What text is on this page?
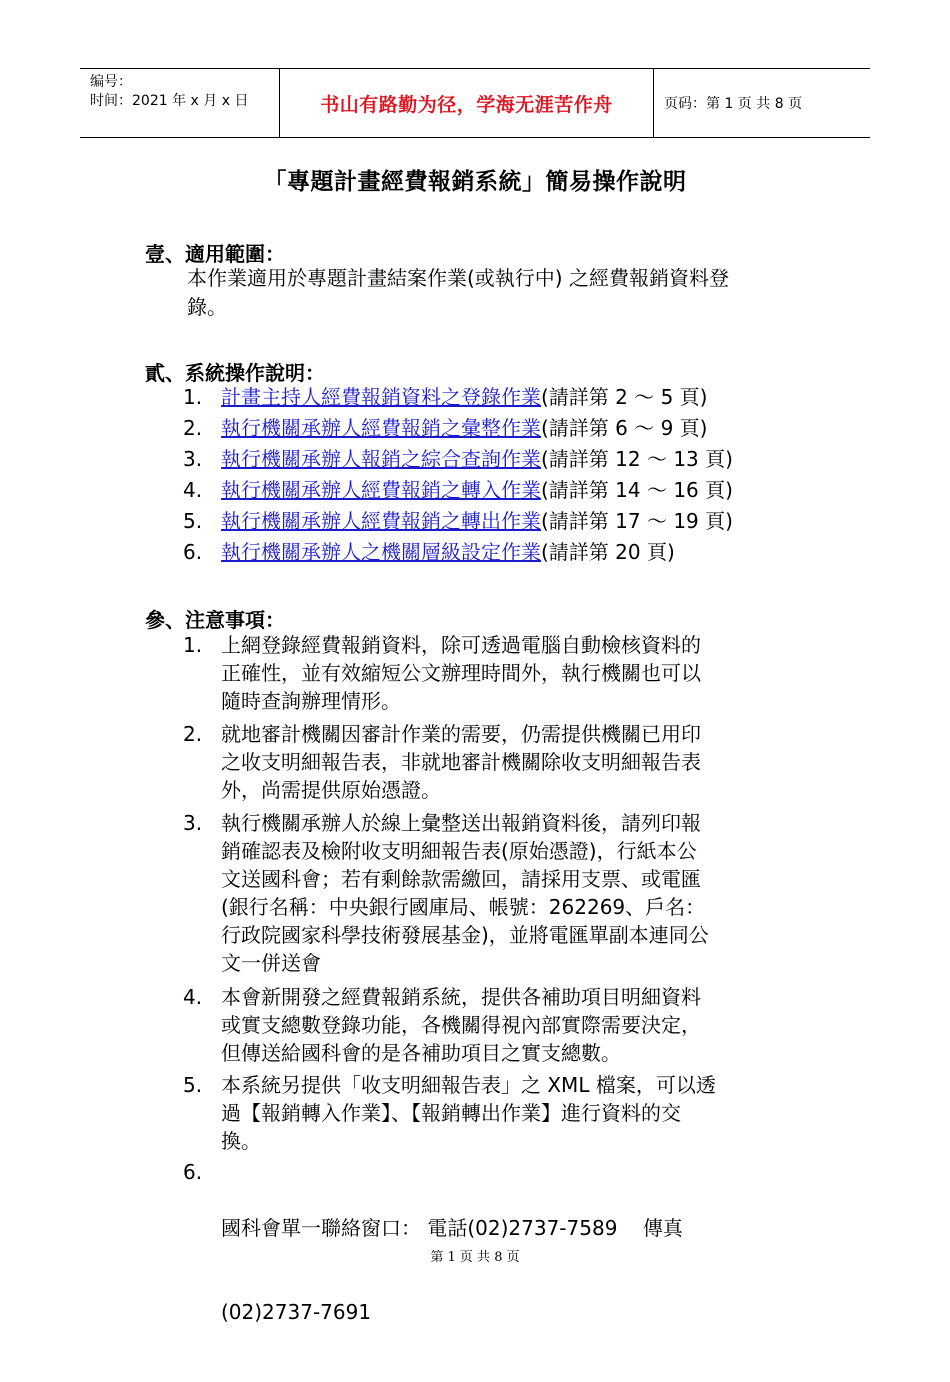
编号：
时间：2021 年 x 月 x 日	书山有路勤为径，学海无涯苦作舟	页码：第 1 页 共 8 页
「專題計畫經費報銷系統」簡易操作說明
壹、適用範圍：
本作業適用於專題計畫結案作業(或執行中) 之經費報銷資料登
錄。
貳、系統操作說明：
1. 計畫主持人經費報銷資料之登錄作業(請詳第 2 ～ 5 頁)
2. 執行機關承辦人經費報銷之彙整作業(請詳第 6 ～ 9 頁)
3. 執行機關承辦人報銷之綜合查詢作業(請詳第 12 ～ 13 頁)
4. 執行機關承辦人經費報銷之轉入作業(請詳第 14 ～ 16 頁)
5. 執行機關承辦人經費報銷之轉出作業(請詳第 17 ～ 19 頁)
6. 執行機關承辦人之機關層級設定作業(請詳第 20 頁)
參、注意事項：
1. 上網登錄經費報銷資料，除可透過電腦自動檢核資料的
正確性，並有效縮短公文辦理時間外，執行機關也可以
隨時查詢辦理情形。
2. 就地審計機關因審計作業的需要，仍需提供機關已用印
之收支明細報告表，非就地審計機關除收支明細報告表
外，尚需提供原始憑證。
3. 執行機關承辦人於線上彙整送出報銷資料後，請列印報
銷確認表及檢附收支明細報告表(原始憑證)，行紙本公
文送國科會；若有剩餘款需繳回，請採用支票、或電匯
(銀行名稱：中央銀行國庫局、帳號：262269、戶名：
行政院國家科學技術發展基金)，並將電匯單副本連同公
文一併送會
4. 本會新開發之經費報銷系統，提供各補助項目明細資料
或實支總數登錄功能，各機關得視內部實際需要決定，
但傳送給國科會的是各補助項目之實支總數。
5. 本系統另提供「收支明細報告表」之 XML 檔案，可以透
過【報銷轉入作業】、【報銷轉出作業】進行資料的交
換。
6.

國科會單一聯絡窗口： 電話(02)2737-7589    傳真

(02)2737-7691

第 1 页 共 8 页
